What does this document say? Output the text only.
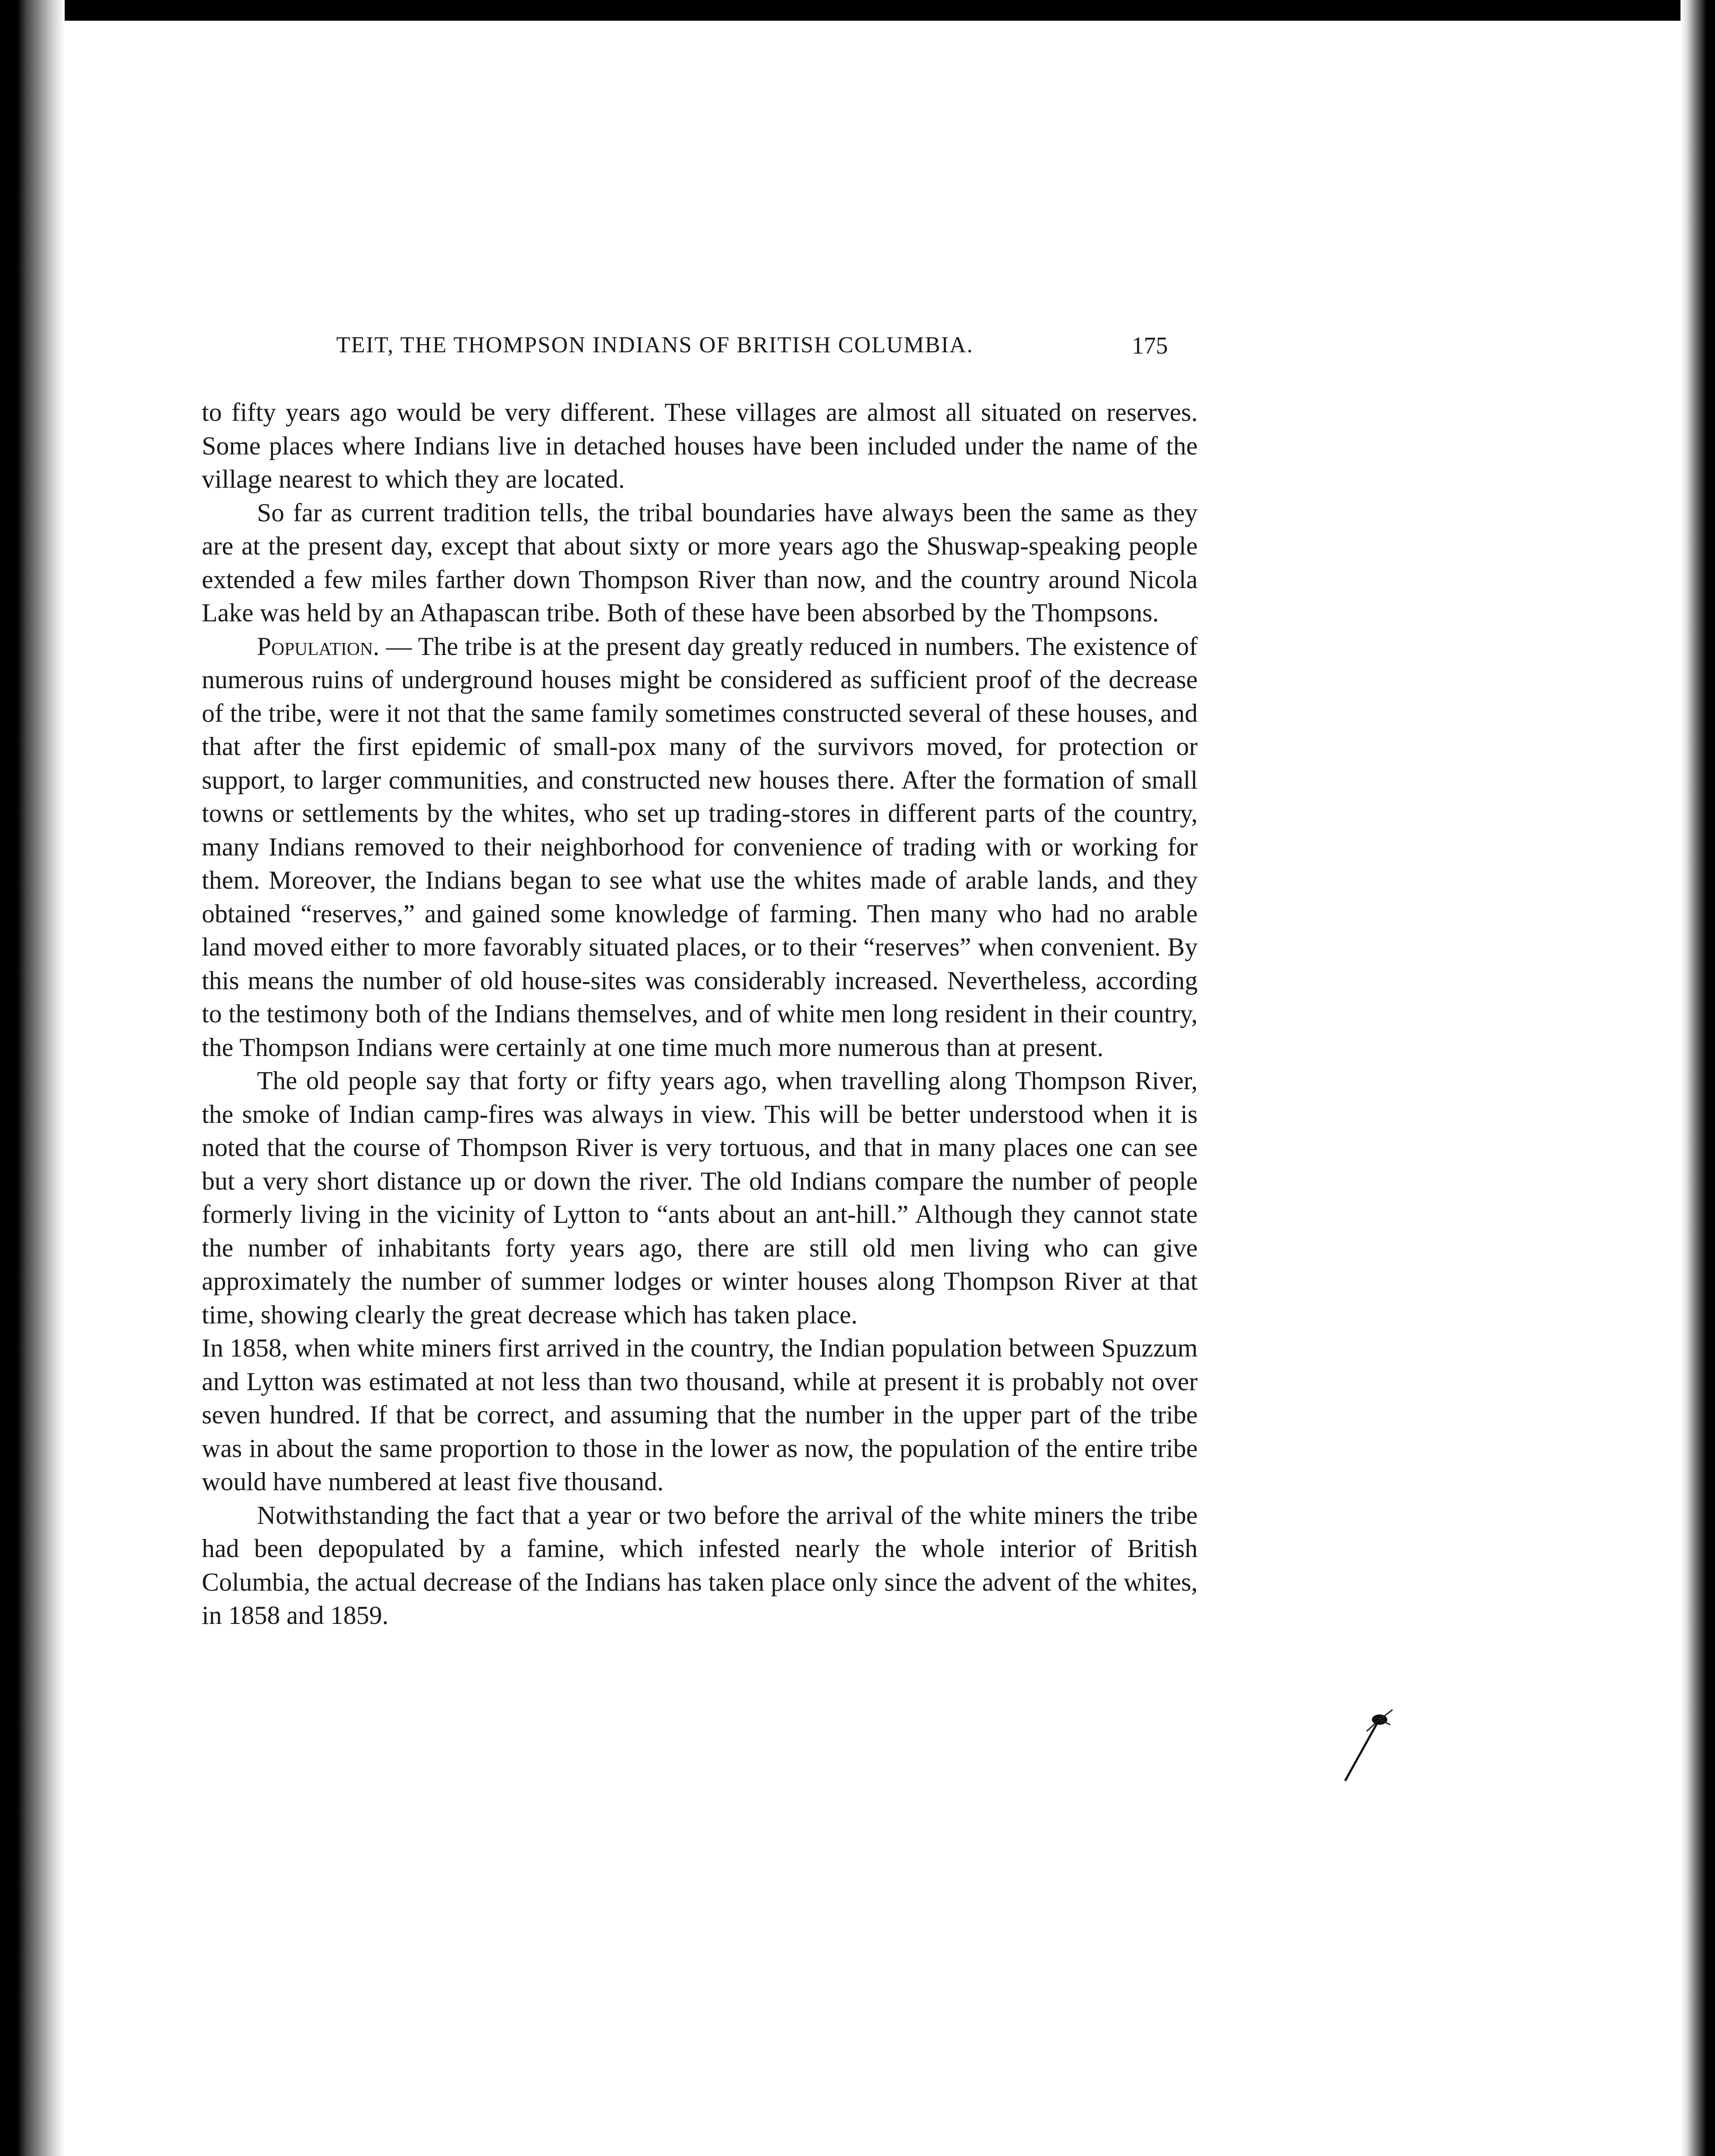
TEIT, THE THOMPSON INDIANS OF BRITISH COLUMBIA.	175

to fifty years ago would be very different. These villages are almost all situated on reserves. Some places where Indians live in detached houses have been included under the name of the village nearest to which they are located.

So far as current tradition tells, the tribal boundaries have always been the same as they are at the present day, except that about sixty or more years ago the Shuswap-speaking people extended a few miles farther down Thompson River than now, and the country around Nicola Lake was held by an Athapascan tribe. Both of these have been absorbed by the Thompsons.

Population. — The tribe is at the present day greatly reduced in numbers. The existence of numerous ruins of underground houses might be considered as sufficient proof of the decrease of the tribe, were it not that the same family sometimes constructed several of these houses, and that after the first epidemic of small-pox many of the survivors moved, for protection or support, to larger communities, and constructed new houses there. After the formation of small towns or settlements by the whites, who set up trading-stores in different parts of the country, many Indians removed to their neighborhood for convenience of trading with or working for them. Moreover, the Indians began to see what use the whites made of arable lands, and they obtained “reserves,” and gained some knowledge of farming. Then many who had no arable land moved either to more favorably situated places, or to their “reserves” when convenient. By this means the number of old house-sites was considerably increased. Nevertheless, according to the testimony both of the Indians themselves, and of white men long resident in their country, the Thompson Indians were certainly at one time much more numerous than at present.

The old people say that forty or fifty years ago, when travelling along Thompson River, the smoke of Indian camp-fires was always in view. This will be better understood when it is noted that the course of Thompson River is very tortuous, and that in many places one can see but a very short distance up or down the river. The old Indians compare the number of people formerly living in the vicinity of Lytton to “ants about an ant-hill.” Although they cannot state the number of inhabitants forty years ago, there are still old men living who can give approximately the number of summer lodges or winter houses along Thompson River at that time, showing clearly the great decrease which has taken place.

In 1858, when white miners first arrived in the country, the Indian population between Spuzzum and Lytton was estimated at not less than two thousand, while at present it is probably not over seven hundred. If that be correct, and assuming that the number in the upper part of the tribe was in about the same proportion to those in the lower as now, the population of the entire tribe would have numbered at least five thousand.

Notwithstanding the fact that a year or two before the arrival of the white miners the tribe had been depopulated by a famine, which infested nearly the whole interior of British Columbia, the actual decrease of the Indians has taken place only since the advent of the whites, in 1858 and 1859.
